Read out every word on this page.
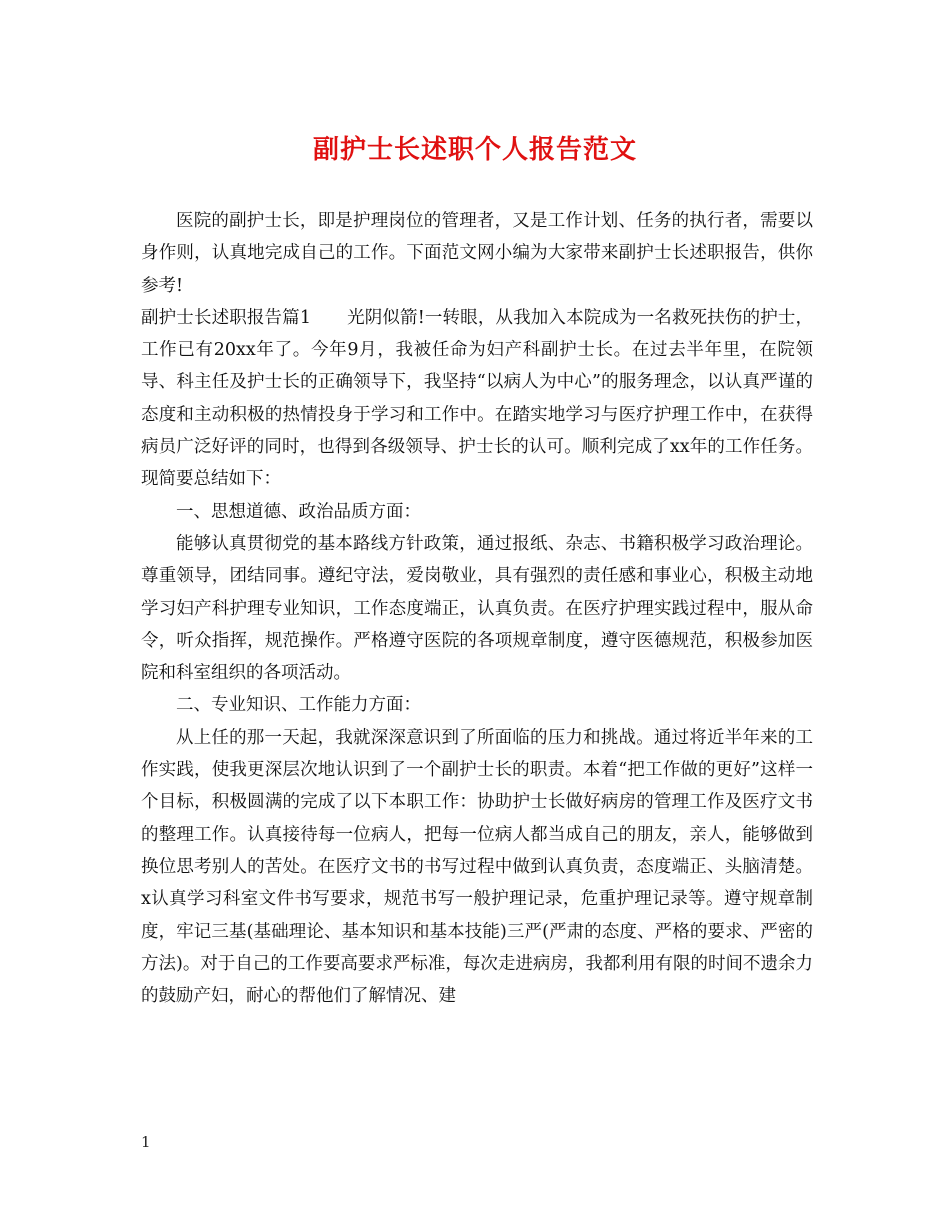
副护士长述职个人报告范文

医院的副护士长，即是护理岗位的管理者，又是工作计划、任务的执行者，需要以身作则，认真地完成自己的工作。下面范文网小编为大家带来副护士长述职报告，供你参考!

副护士长述职报告篇1 光阴似箭!一转眼，从我加入本院成为一名救死扶伤的护士，工作已有20xx年了。今年9月，我被任命为妇产科副护士长。在过去半年里，在院领导、科主任及护士长的正确领导下，我坚持“以病人为中心”的服务理念，以认真严谨的态度和主动积极的热情投身于学习和工作中。在踏实地学习与医疗护理工作中，在获得病员广泛好评的同时，也得到各级领导、护士长的认可。顺利完成了xx年的工作任务。现简要总结如下：

一、思想道德、政治品质方面：

能够认真贯彻党的基本路线方针政策，通过报纸、杂志、书籍积极学习政治理论。尊重领导，团结同事。遵纪守法，爱岗敬业，具有强烈的责任感和事业心，积极主动地学习妇产科护理专业知识，工作态度端正，认真负责。在医疗护理实践过程中，服从命令，听众指挥，规范操作。严格遵守医院的各项规章制度，遵守医德规范，积极参加医院和科室组织的各项活动。

二、专业知识、工作能力方面：

从上任的那一天起，我就深深意识到了所面临的压力和挑战。通过将近半年来的工作实践，使我更深层次地认识到了一个副护士长的职责。本着“把工作做的更好”这样一个目标，积极圆满的完成了以下本职工作：协助护士长做好病房的管理工作及医疗文书的整理工作。认真接待每一位病人，把每一位病人都当成自己的朋友，亲人，能够做到换位思考别人的苦处。在医疗文书的书写过程中做到认真负责，态度端正、头脑清楚。x认真学习科室文件书写要求，规范书写一般护理记录，危重护理记录等。遵守规章制度，牢记三基(基础理论、基本知识和基本技能)三严(严肃的态度、严格的要求、严密的方法)。对于自己的工作要高要求严标准，每次走进病房，我都利用有限的时间不遗余力的鼓励产妇，耐心的帮他们了解情况、建

1
